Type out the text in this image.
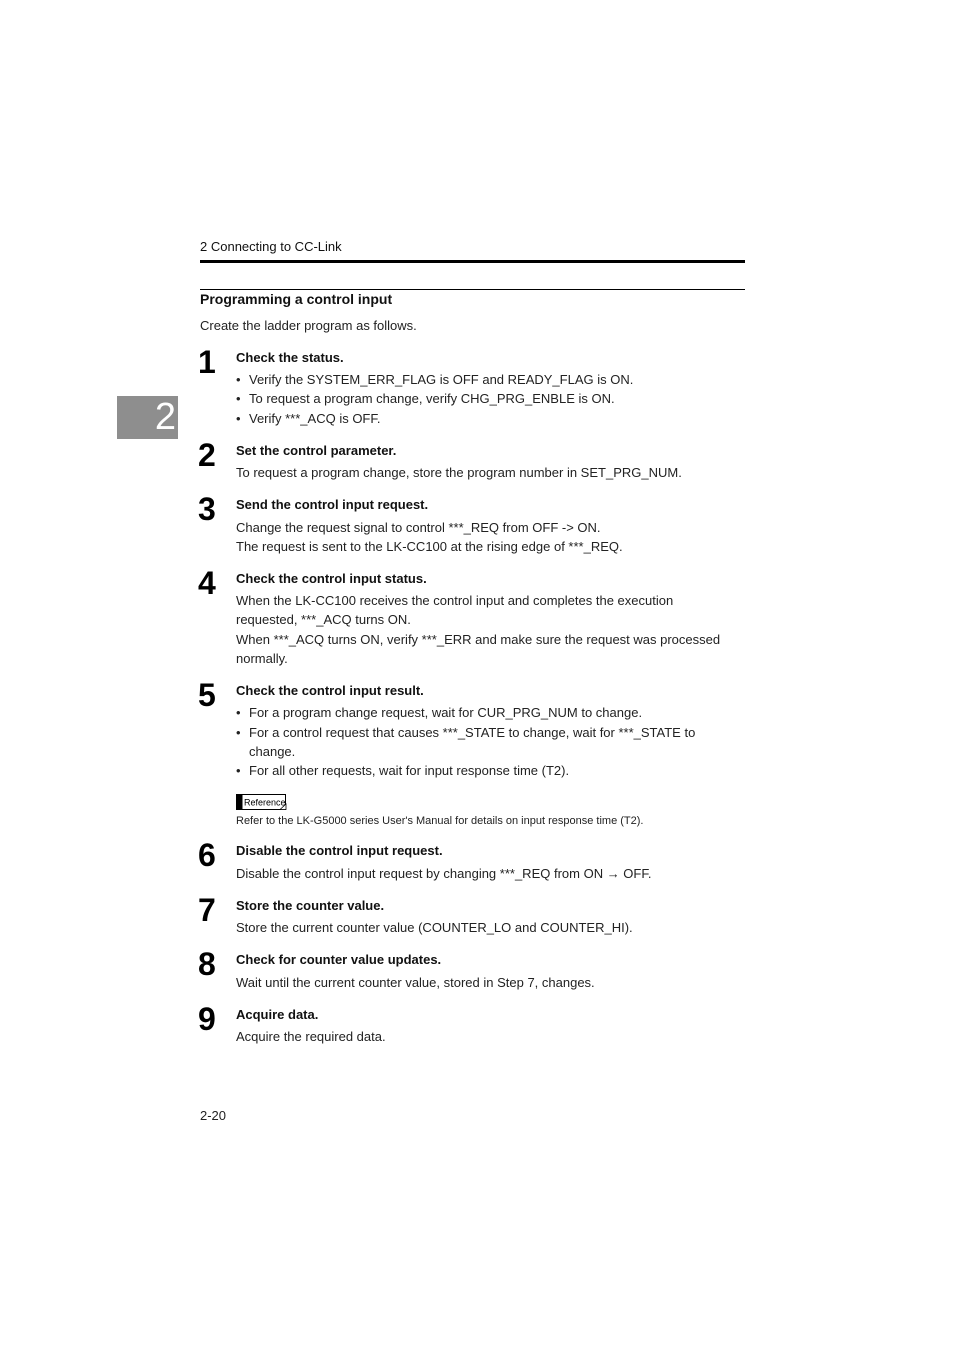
2 Connecting to CC-Link
2
Programming a control input
Create the ladder program as follows.
1 Check the status.
• Verify the SYSTEM_ERR_FLAG is OFF and READY_FLAG is ON.
• To request a program change, verify CHG_PRG_ENBLE is ON.
• Verify ***_ACQ is OFF.
2 Set the control parameter.
To request a program change, store the program number in SET_PRG_NUM.
3 Send the control input request.
Change the request signal to control ***_REQ from OFF -> ON.
The request is sent to the LK-CC100 at the rising edge of ***_REQ.
4 Check the control input status.
When the LK-CC100 receives the control input and completes the execution
requested, ***_ACQ turns ON.
When ***_ACQ turns ON, verify ***_ERR and make sure the request was processed
normally.
5 Check the control input result.
• For a program change request, wait for CUR_PRG_NUM to change.
• For a control request that causes ***_STATE to change, wait for ***_STATE to
change.
• For all other requests, wait for input response time (T2).
Reference
Refer to the LK-G5000 series User's Manual for details on input response time (T2).
6 Disable the control input request.
Disable the control input request by changing ***_REQ from ON → OFF.
7 Store the counter value.
Store the current counter value (COUNTER_LO and COUNTER_HI).
8 Check for counter value updates.
Wait until the current counter value, stored in Step 7, changes.
9 Acquire data.
Acquire the required data.
2-20
